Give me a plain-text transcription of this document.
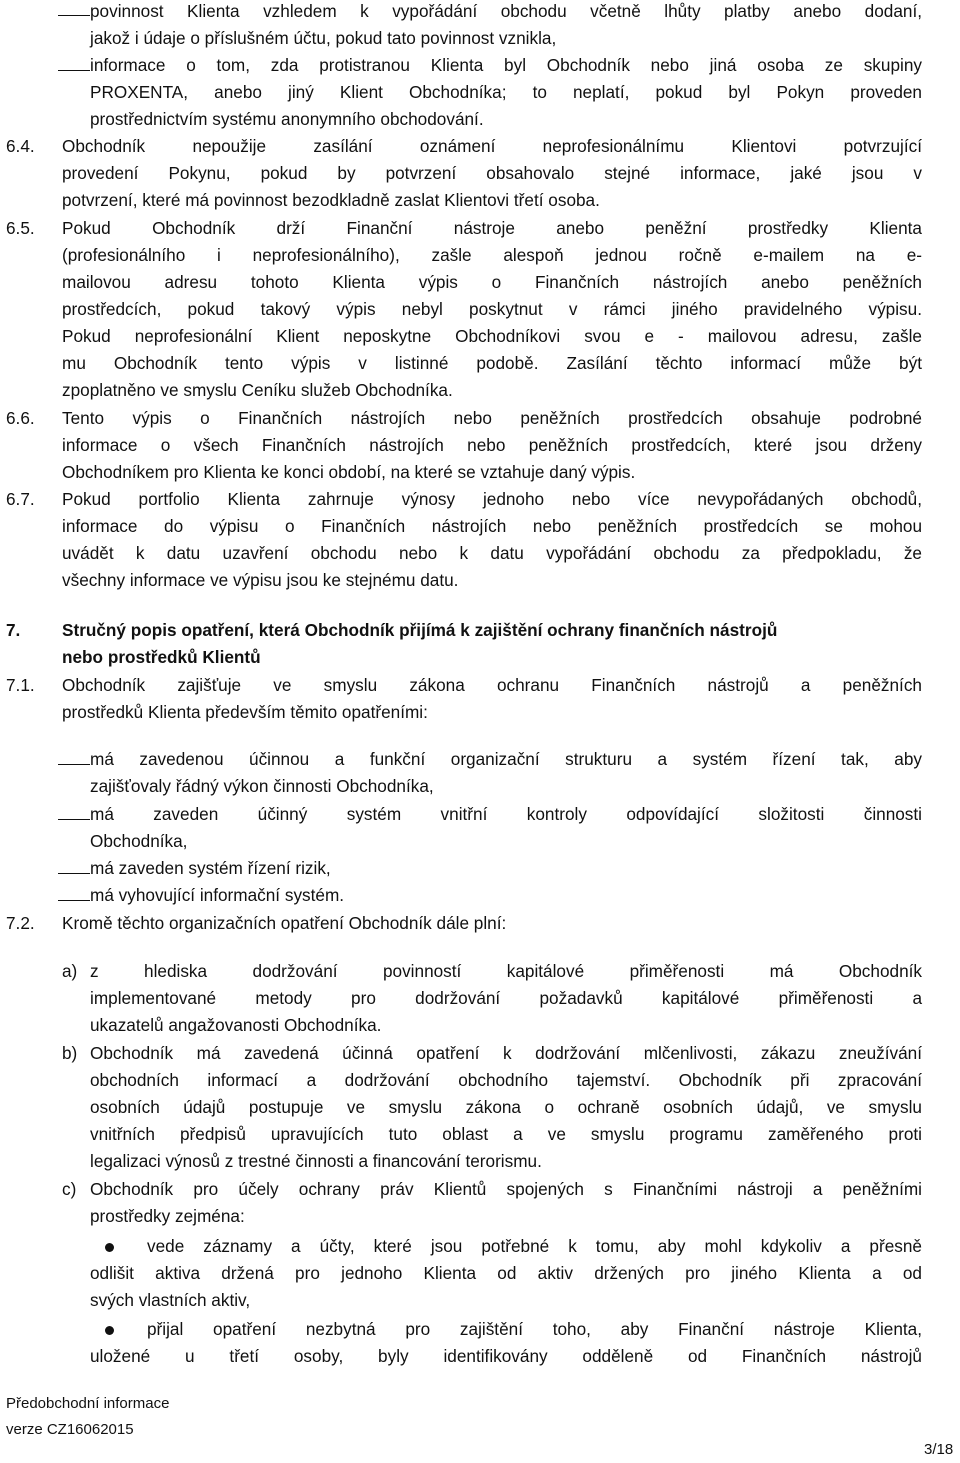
povinnost Klienta vzhledem k vypořádání obchodu včetně lhůty platby anebo dodaní,
jakož i údaje o příslušném účtu, pokud tato povinnost vznikla,
informace o tom, zda protistranou Klienta byl Obchodník nebo jiná osoba ze skupiny
PROXENTA, anebo jiný Klient Obchodníka; to neplatí, pokud byl Pokyn proveden
prostřednictvím systému anonymního obchodování.
6.4. Obchodník nepoužije zasílání oznámení neprofesionálnímu Klientovi potvrzující
provedení Pokynu, pokud by potvrzení obsahovalo stejné informace, jaké jsou v
potvrzení, které má povinnost bezodkladně zaslat Klientovi třetí osoba.
6.5. Pokud Obchodník drží Finanční nástroje anebo peněžní prostředky Klienta
(profesionálního i neprofesionálního), zašle alespoň jednou ročně e-mailem na e-
mailovou adresu tohoto Klienta výpis o Finančních nástrojích anebo peněžních
prostředcích, pokud takový výpis nebyl poskytnut v rámci jiného pravidelného výpisu.
Pokud neprofesionální Klient neposkytne Obchodníkovi svou e - mailovou adresu, zašle
mu Obchodník tento výpis v listinné podobě. Zasílání těchto informací může být
zpoplatněno ve smyslu Ceníku služeb Obchodníka.
6.6. Tento výpis o Finančních nástrojích nebo peněžních prostředcích obsahuje podrobné
informace o všech Finančních nástrojích nebo peněžních prostředcích, které jsou drženy
Obchodníkem pro Klienta ke konci období, na které se vztahuje daný výpis.
6.7. Pokud portfolio Klienta zahrnuje výnosy jednoho nebo více nevypořádaných obchodů,
informace do výpisu o Finančních nástrojích nebo peněžních prostředcích se mohou
uvádět k datu uzavření obchodu nebo k datu vypořádání obchodu za předpokladu, že
všechny informace ve výpisu jsou ke stejnému datu.
7. Stručný popis opatření, která Obchodník přijímá k zajištění ochrany finančních nástrojů
nebo prostředků Klientů
7.1. Obchodník zajišťuje ve smyslu zákona ochranu Finančních nástrojů a peněžních
prostředků Klienta především těmito opatřeními:
má zavedenou účinnou a funkční organizační strukturu a systém řízení tak, aby
zajišťovaly řádný výkon činnosti Obchodníka,
má zaveden účinný systém vnitřní kontroly odpovídající složitosti činnosti
Obchodníka,
má zaveden systém řízení rizik,
má vyhovující informační systém.
7.2. Kromě těchto organizačních opatření Obchodník dále plní:
a) z hlediska dodržování povinností kapitálové přiměřenosti má Obchodník
implementované metody pro dodržování požadavků kapitálové přiměřenosti a
ukazatelů angažovanosti Obchodníka.
b) Obchodník má zavedená účinná opatření k dodržování mlčenlivosti, zákazu zneužívání
obchodních informací a dodržování obchodního tajemství. Obchodník při zpracování
osobních údajů postupuje ve smyslu zákona o ochraně osobních údajů, ve smyslu
vnitřních předpisů upravujících tuto oblast a ve smyslu programu zaměřeného proti
legalizaci výnosů z trestné činnosti a financování terorismu.
c) Obchodník pro účely ochrany práv Klientů spojených s Finančními nástroji a peněžními
prostředky zejména:
vede záznamy a účty, které jsou potřebné k tomu, aby mohl kdykoliv a přesně
odlišit aktiva držená pro jednoho Klienta od aktiv držených pro jiného Klienta a od
svých vlastních aktiv,
přijal opatření nezbytná pro zajištění toho, aby Finanční nástroje Klienta,
uložené u třetí osoby, byly identifikovány odděleně od Finančních nástrojů
Předobchodní informace
verze CZ16062015
3/18
